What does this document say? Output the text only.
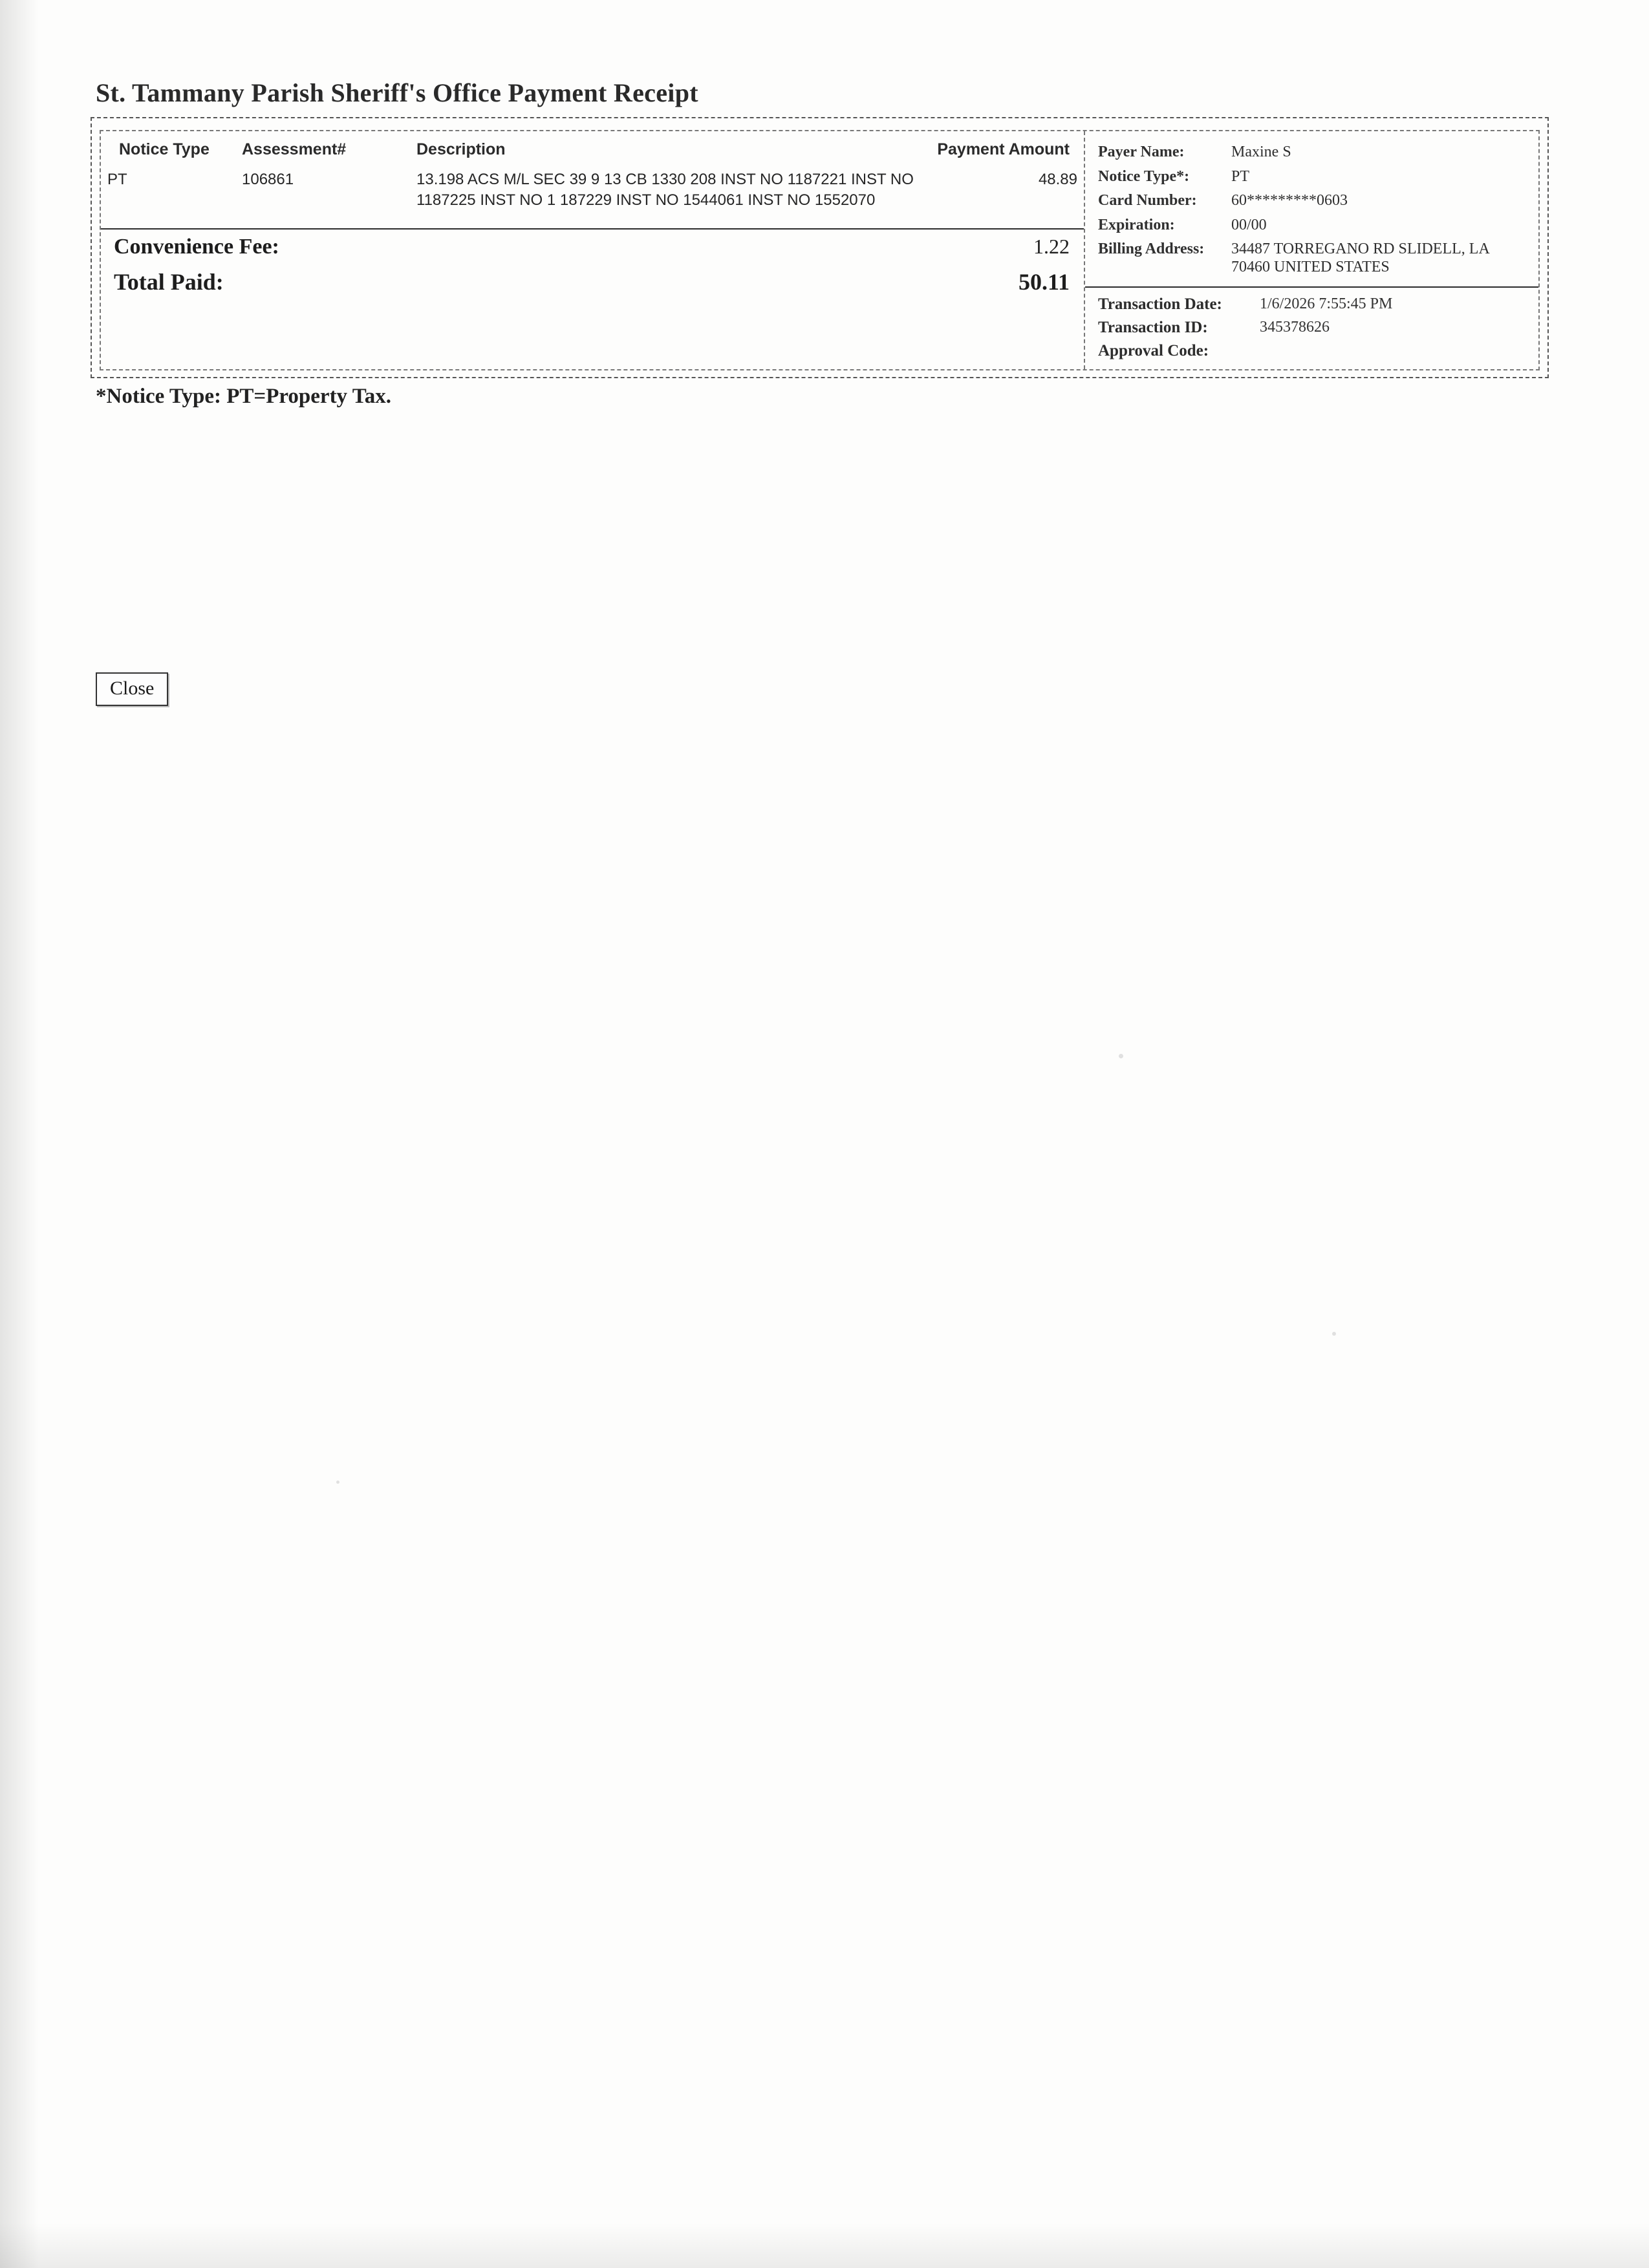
St. Tammany Parish Sheriff's Office Payment Receipt
Notice Type	Assessment#	Description	Payment Amount
PT	106861	13.198 ACS M/L SEC 39 9 13 CB 1330 208 INST NO 1187221 INST NO 1187225 INST NO 1 187229 INST NO 1544061 INST NO 1552070	48.89
Convenience Fee:	1.22
Total Paid:	50.11
Payer Name:	Maxine S
Notice Type*:	PT
Card Number:	60*********0603
Expiration:	00/00
Billing Address:	34487 TORREGANO RD SLIDELL, LA 70460 UNITED STATES
Transaction Date:	1/6/2026 7:55:45 PM
Transaction ID:	345378626
Approval Code:
*Notice Type: PT=Property Tax.
Close
